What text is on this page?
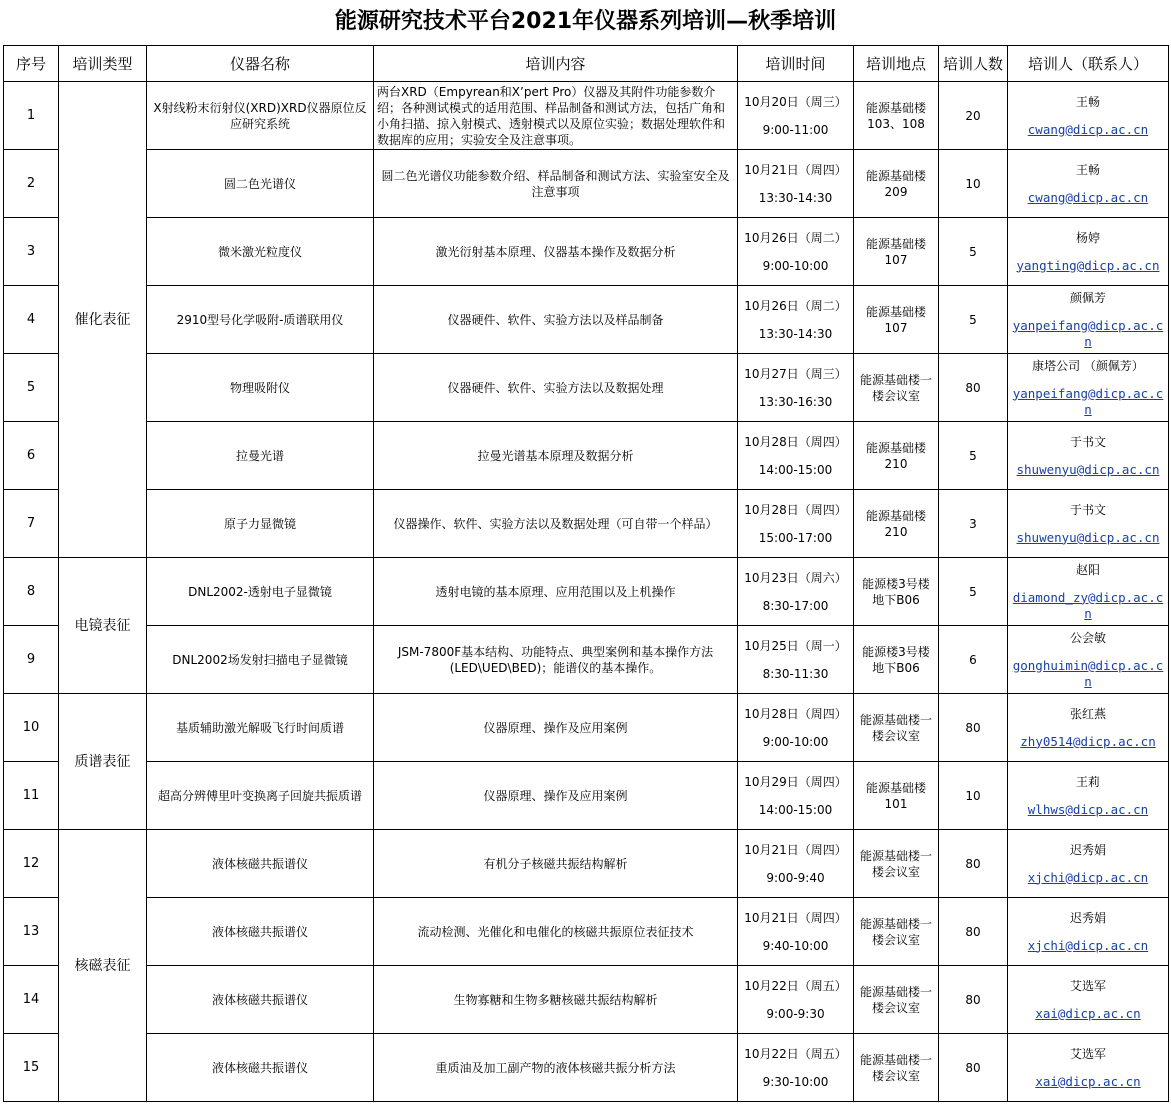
能源研究技术平台2021年仪器系列培训—秋季培训
序号	培训类型	仪器名称	培训内容	培训时间	培训地点	培训人数	培训人（联系人）
1	催化表征	X射线粉末衍射仪(XRD)XRD仪器原位反应研究系统	两台XRD（Empyrean和X’pert Pro）仪器及其附件功能参数介绍；各种测试模式的适用范围、样品制备和测试方法，包括广角和小角扫描、掠入射模式、透射模式以及原位实验；数据处理软件和数据库的应用；实验安全及注意事项。	10月20日（周三）
9:00-11:00	能源基础楼103、108	20	王畅
cwang@dicp.ac.cn
2		圆二色光谱仪	圆二色光谱仪功能参数介绍、样品制备和测试方法、实验室安全及注意事项	10月21日（周四）
13:30-14:30	能源基础楼209	10	王畅
cwang@dicp.ac.cn
3		微米激光粒度仪	激光衍射基本原理、仪器基本操作及数据分析	10月26日（周二）
9:00-10:00	能源基础楼107	5	杨婷
yangting@dicp.ac.cn
4		2910型号化学吸附-质谱联用仪	仪器硬件、软件、实验方法以及样品制备	10月26日（周二）
13:30-14:30	能源基础楼107	5	颜佩芳
yanpeifang@dicp.ac.cn
5		物理吸附仪	仪器硬件、软件、实验方法以及数据处理	10月27日（周三）
13:30-16:30	能源基础楼一楼会议室	80	康塔公司 （颜佩芳）
yanpeifang@dicp.ac.cn
6		拉曼光谱	拉曼光谱基本原理及数据分析	10月28日（周四）
14:00-15:00	能源基础楼210	5	于书文
shuwenyu@dicp.ac.cn
7		原子力显微镜	仪器操作、软件、实验方法以及数据处理（可自带一个样品）	10月28日（周四）
15:00-17:00	能源基础楼210	3	于书文
shuwenyu@dicp.ac.cn
8	电镜表征	DNL2002-透射电子显微镜	透射电镜的基本原理、应用范围以及上机操作	10月23日（周六）
8:30-17:00	能源楼3号楼地下B06	5	赵阳
diamond_zy@dicp.ac.cn
9		DNL2002场发射扫描电子显微镜	JSM-7800F基本结构、功能特点、典型案例和基本操作方法(LED\UED\BED)；能谱仪的基本操作。	10月25日（周一）
8:30-11:30	能源楼3号楼地下B06	6	公会敏
gonghuimin@dicp.ac.cn
10	质谱表征	基质辅助激光解吸飞行时间质谱	仪器原理、操作及应用案例	10月28日（周四）
9:00-10:00	能源基础楼一楼会议室	80	张红燕
zhy0514@dicp.ac.cn
11		超高分辨傅里叶变换离子回旋共振质谱	仪器原理、操作及应用案例	10月29日（周四）
14:00-15:00	能源基础楼101	10	王莉
wlhws@dicp.ac.cn
12	核磁表征	液体核磁共振谱仪	有机分子核磁共振结构解析	10月21日（周四）
9:00-9:40	能源基础楼一楼会议室	80	迟秀娟
xjchi@dicp.ac.cn
13		液体核磁共振谱仪	流动检测、光催化和电催化的核磁共振原位表征技术	10月21日（周四）
9:40-10:00	能源基础楼一楼会议室	80	迟秀娟
xjchi@dicp.ac.cn
14		液体核磁共振谱仪	生物寡糖和生物多糖核磁共振结构解析	10月22日（周五）
9:00-9:30	能源基础楼一楼会议室	80	艾选军
xai@dicp.ac.cn
15		液体核磁共振谱仪	重质油及加工副产物的液体核磁共振分析方法	10月22日（周五）
9:30-10:00	能源基础楼一楼会议室	80	艾选军
xai@dicp.ac.cn
